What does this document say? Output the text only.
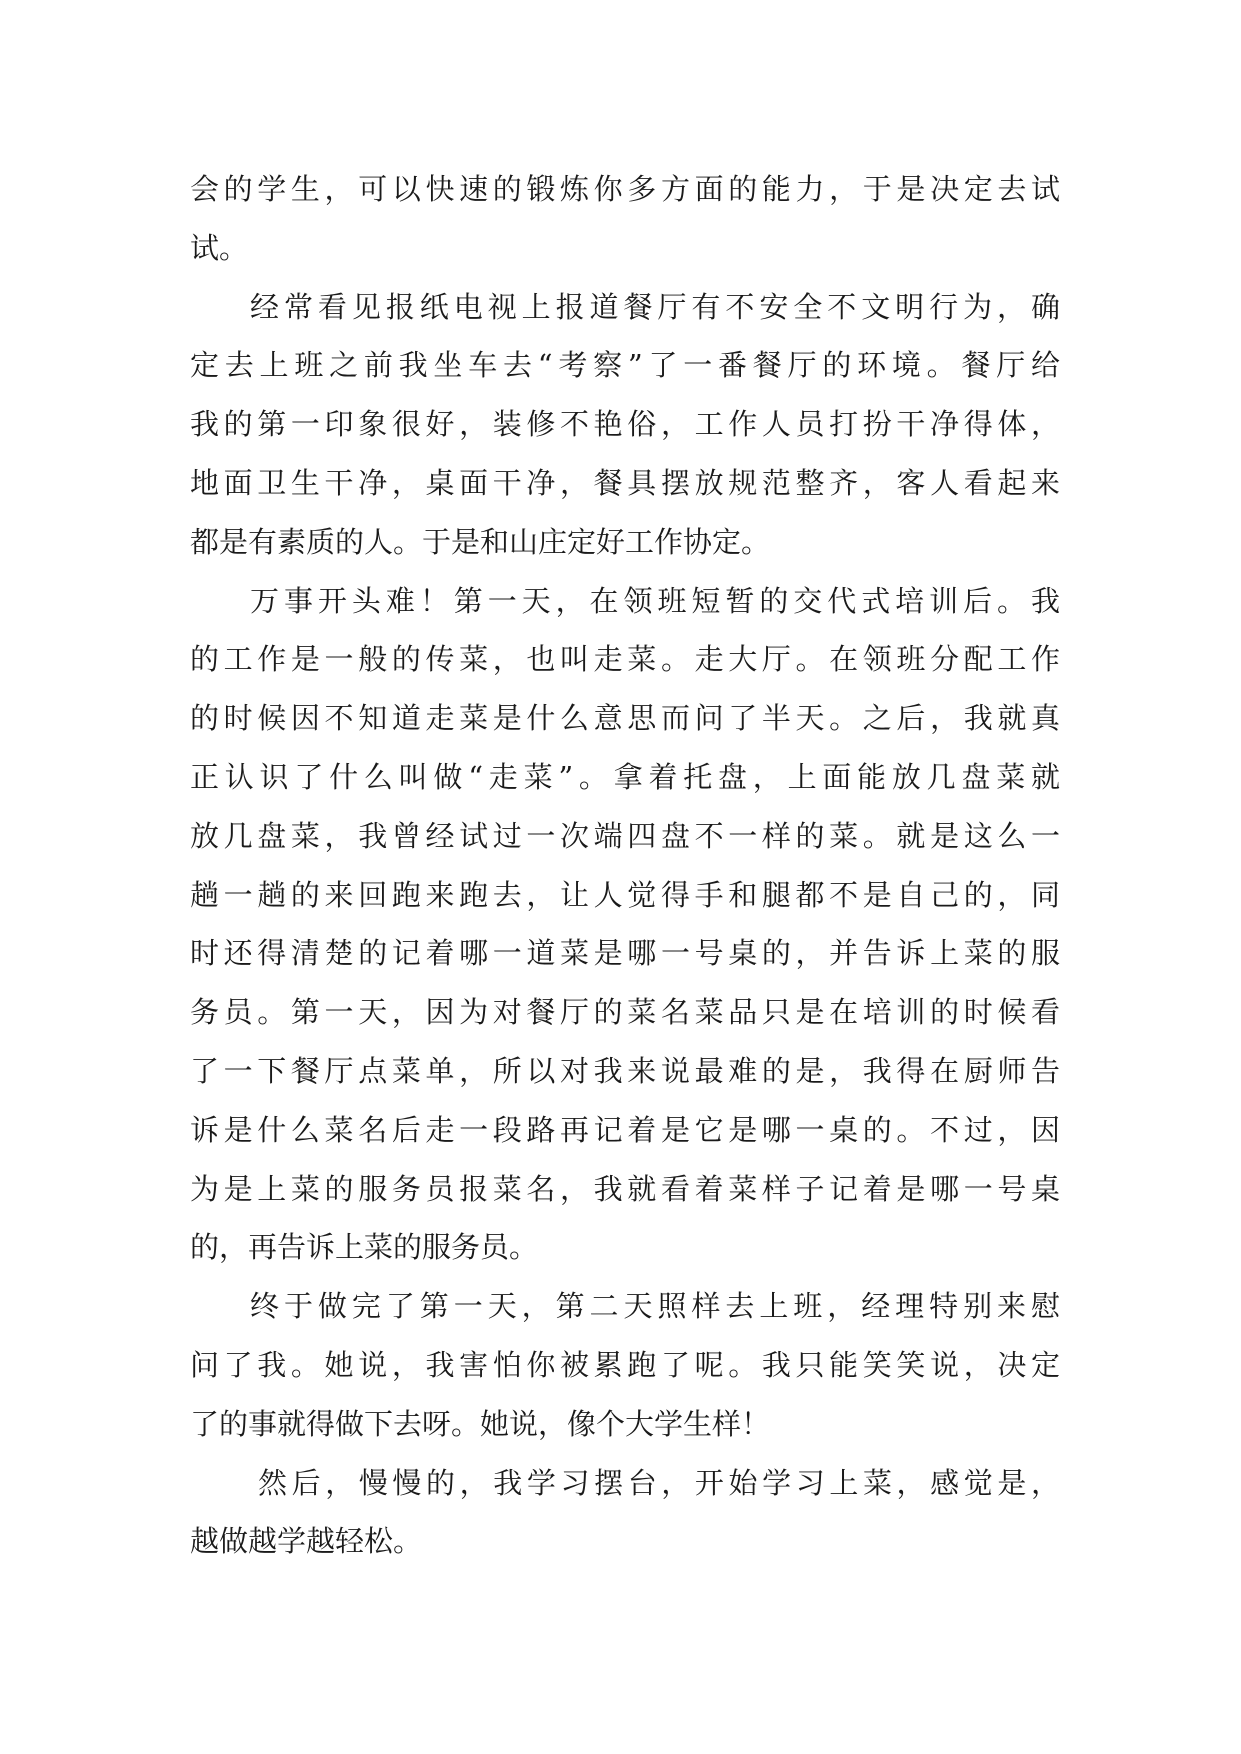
会的学生，可以快速的锻炼你多方面的能力，于是决定去试
试。
经常看见报纸电视上报道餐厅有不安全不文明行为，确
定去上班之前我坐车去“考察”了一番餐厅的环境。餐厅给
我的第一印象很好，装修不艳俗，工作人员打扮干净得体，
地面卫生干净，桌面干净，餐具摆放规范整齐，客人看起来
都是有素质的人。于是和山庄定好工作协定。
万事开头难！第一天，在领班短暂的交代式培训后。我
的工作是一般的传菜，也叫走菜。走大厅。在领班分配工作
的时候因不知道走菜是什么意思而问了半天。之后，我就真
正认识了什么叫做“走菜”。拿着托盘，上面能放几盘菜就
放几盘菜，我曾经试过一次端四盘不一样的菜。就是这么一
趟一趟的来回跑来跑去，让人觉得手和腿都不是自己的，同
时还得清楚的记着哪一道菜是哪一号桌的，并告诉上菜的服
务员。第一天，因为对餐厅的菜名菜品只是在培训的时候看
了一下餐厅点菜单，所以对我来说最难的是，我得在厨师告
诉是什么菜名后走一段路再记着是它是哪一桌的。不过，因
为是上菜的服务员报菜名，我就看着菜样子记着是哪一号桌
的，再告诉上菜的服务员。
终于做完了第一天，第二天照样去上班，经理特别来慰
问了我。她说，我害怕你被累跑了呢。我只能笑笑说，决定
了的事就得做下去呀。她说，像个大学生样！
然后，慢慢的，我学习摆台，开始学习上菜，感觉是，
越做越学越轻松。
